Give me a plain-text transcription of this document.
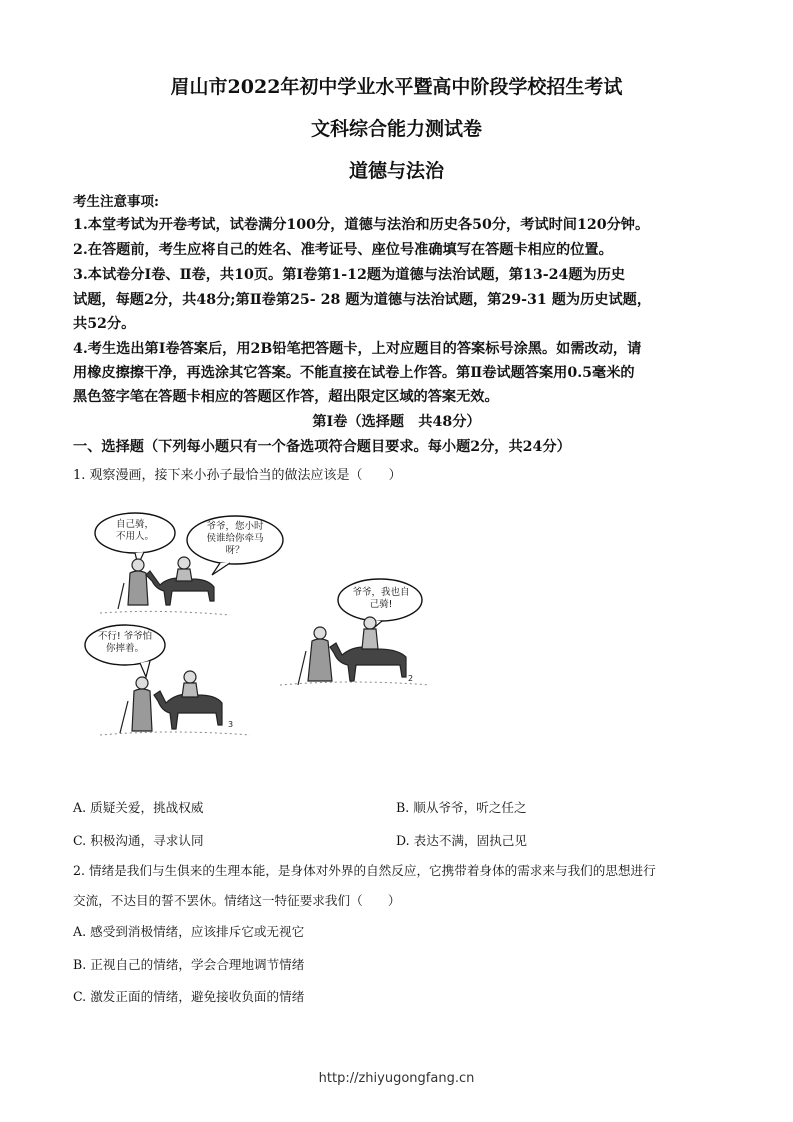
眉山市2022年初中学业水平暨高中阶段学校招生考试
文科综合能力测试卷
道德与法治
考生注意事项:
1.本堂考试为开卷考试，试卷满分100分，道德与法治和历史各50分，考试时间120分钟。
2.在答题前，考生应将自己的姓名、准考证号、座位号准确填写在答题卡相应的位置。
3.本试卷分Ⅰ卷、Ⅱ卷，共10页。第Ⅰ卷第1-12题为道德与法治试题，第13-24题为历史
试题，每题2分，共48分;第Ⅱ卷第25- 28 题为道德与法治试题，第29-31 题为历史试题，
共52分。
4.考生选出第Ⅰ卷答案后，用2B铅笔把答题卡，上对应题目的答案标号涂黑。如需改动，请
用橡皮擦擦干净，再选涂其它答案。不能直接在试卷上作答。第Ⅱ卷试题答案用0.5毫米的
黑色签字笔在答题卡相应的答题区作答，超出限定区域的答案无效。
第Ⅰ卷（选择题　共48分）
一、选择题（下列每小题只有一个备选项符合题目要求。每小题2分，共24分）
1. 观察漫画，接下来小孙子最恰当的做法应该是（　　）
2
3
自己骑，
不用人。
爷爷，您小时
侯谁给你牵马
呀？
爷爷，我也自
己骑!
不行! 爷爷怕
你摔着。
A. 质疑关爱，挑战权威	B. 顺从爷爷，听之任之
C. 积极沟通，寻求认同	D. 表达不满，固执己见
2. 情绪是我们与生俱来的生理本能，是身体对外界的自然反应，它携带着身体的需求来与我们的思想进行
交流，不达目的誓不罢休。情绪这一特征要求我们（　　）
A. 感受到消极情绪，应该排斥它或无视它
B. 正视自己的情绪，学会合理地调节情绪
C. 激发正面的情绪，避免接收负面的情绪
http://zhiyugongfang.cn
